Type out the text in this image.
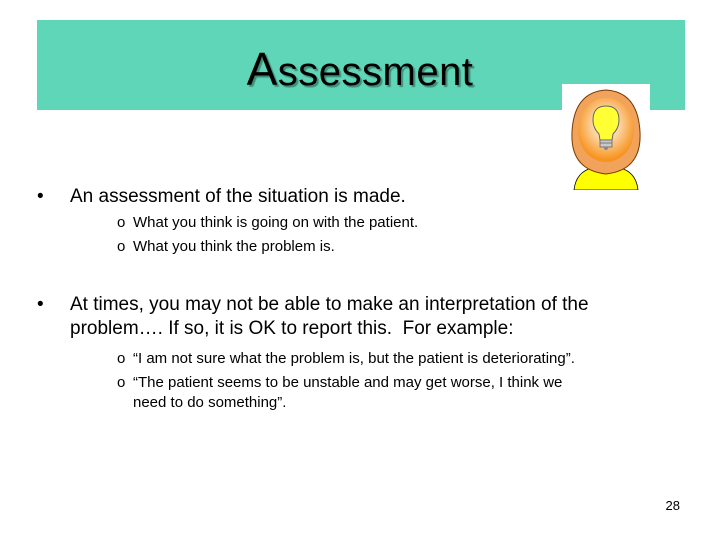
Assessment
• An assessment of the situation is made.
o What you think is going on with the patient.
o What you think the problem is.
• At times, you may not be able to make an interpretation of the
problem…. If so, it is OK to report this.  For example:
o “I am not sure what the problem is, but the patient is deteriorating”.
o “The patient seems to be unstable and may get worse, I think we
need to do something”.
28
